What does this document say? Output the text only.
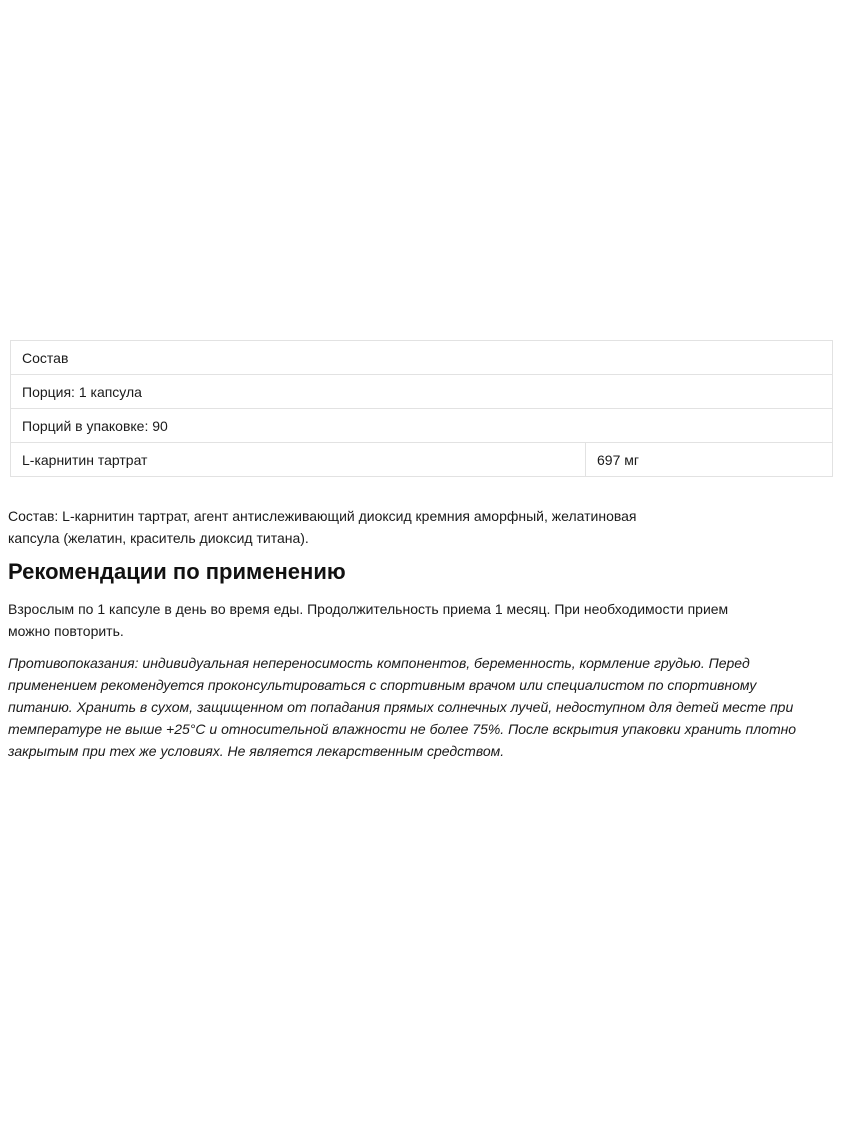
Состав
Порция: 1 капсула
Порций в упаковке: 90
L-карнитин тартрат	697 мг

Состав: L-карнитин тартрат, агент антислеживающий диоксид кремния аморфный, желатиновая
капсула (желатин, краситель диоксид титана).

Рекомендации по применению

Взрослым по 1 капсуле в день во время еды. Продолжительность приема 1 месяц. При необходимости прием
можно повторить.

Противопоказания: индивидуальная непереносимость компонентов, беременность, кормление грудью. Перед
применением рекомендуется проконсультироваться с спортивным врачом или специалистом по спортивному
питанию. Хранить в сухом, защищенном от попадания прямых солнечных лучей, недоступном для детей месте при
температуре не выше +25°С и относительной влажности не более 75%. После вскрытия упаковки хранить плотно
закрытым при тех же условиях. Не является лекарственным средством.
